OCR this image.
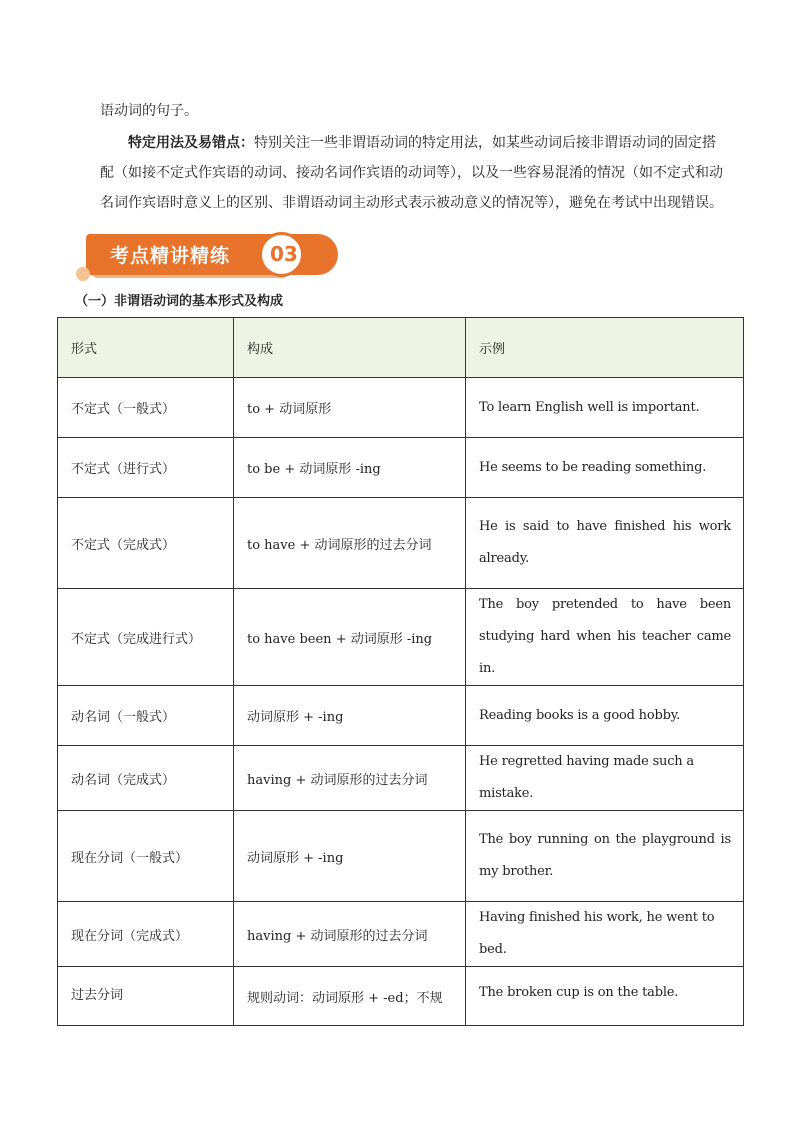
语动词的句子。

特定用法及易错点：特别关注一些非谓语动词的特定用法，如某些动词后接非谓语动词的固定搭配（如接不定式作宾语的动词、接动名词作宾语的动词等），以及一些容易混淆的情况（如不定式和动名词作宾语时意义上的区别、非谓语动词主动形式表示被动意义的情况等），避免在考试中出现错误。

考点精讲精练 03

（一）非谓语动词的基本形式及构成

形式	构成	示例
不定式（一般式）	to + 动词原形	To learn English well is important.
不定式（进行式）	to be + 动词原形 -ing	He seems to be reading something.
不定式（完成式）	to have + 动词原形的过去分词	He is said to have finished his work already.
不定式（完成进行式）	to have been + 动词原形 -ing	The boy pretended to have been studying hard when his teacher came in.
动名词（一般式）	动词原形 + -ing	Reading books is a good hobby.
动名词（完成式）	having + 动词原形的过去分词	He regretted having made such a mistake.
现在分词（一般式）	动词原形 + -ing	The boy running on the playground is my brother.
现在分词（完成式）	having + 动词原形的过去分词	Having finished his work, he went to bed.
过去分词	规则动词：动词原形 + -ed；不规	The broken cup is on the table.
